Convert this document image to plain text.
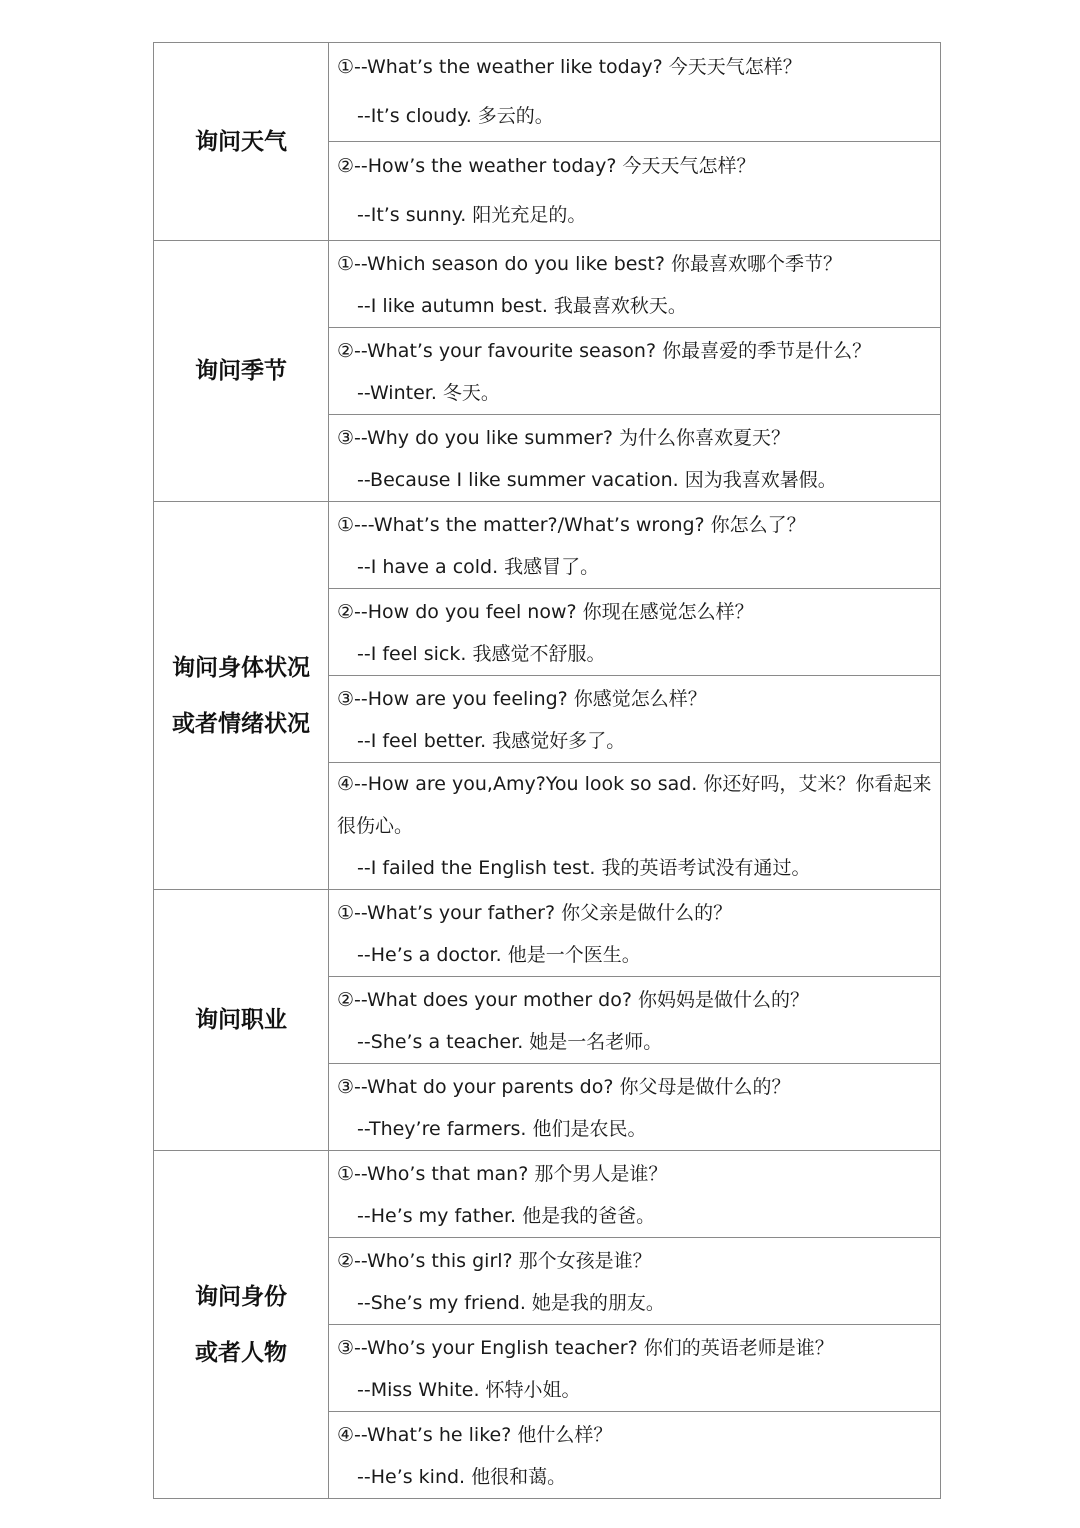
询问天气	①--What’s the weather like today? 今天天气怎样？
--It’s cloudy. 多云的。

	②--How’s the weather today? 今天天气怎样？
--It’s sunny. 阳光充足的。

询问季节	①--Which season do you like best? 你最喜欢哪个季节？
--I like autumn best. 我最喜欢秋天。

	②--What’s your favourite season? 你最喜爱的季节是什么？
--Winter. 冬天。

	③--Why do you like summer? 为什么你喜欢夏天？
--Because I like summer vacation. 因为我喜欢暑假。

询问身体状况
或者情绪状况	①---What’s the matter?/What’s wrong? 你怎么了？
--I have a cold. 我感冒了。

	②--How do you feel now? 你现在感觉怎么样？
--I feel sick. 我感觉不舒服。

	③--How are you feeling? 你感觉怎么样？
--I feel better. 我感觉好多了。

	④--How are you,Amy?You look so sad. 你还好吗，艾米？你看起来
很伤心。
--I failed the English test. 我的英语考试没有通过。

询问职业	①--What’s your father? 你父亲是做什么的？
--He’s a doctor. 他是一个医生。

	②--What does your mother do? 你妈妈是做什么的？
--She’s a teacher. 她是一名老师。

	③--What do your parents do? 你父母是做什么的？
--They’re farmers. 他们是农民。

询问身份
或者人物	①--Who’s that man? 那个男人是谁？
--He’s my father. 他是我的爸爸。

	②--Who’s this girl? 那个女孩是谁？
--She’s my friend. 她是我的朋友。

	③--Who’s your English teacher? 你们的英语老师是谁？
--Miss White. 怀特小姐。

	④--What’s he like? 他什么样？
--He’s kind. 他很和蔼。
